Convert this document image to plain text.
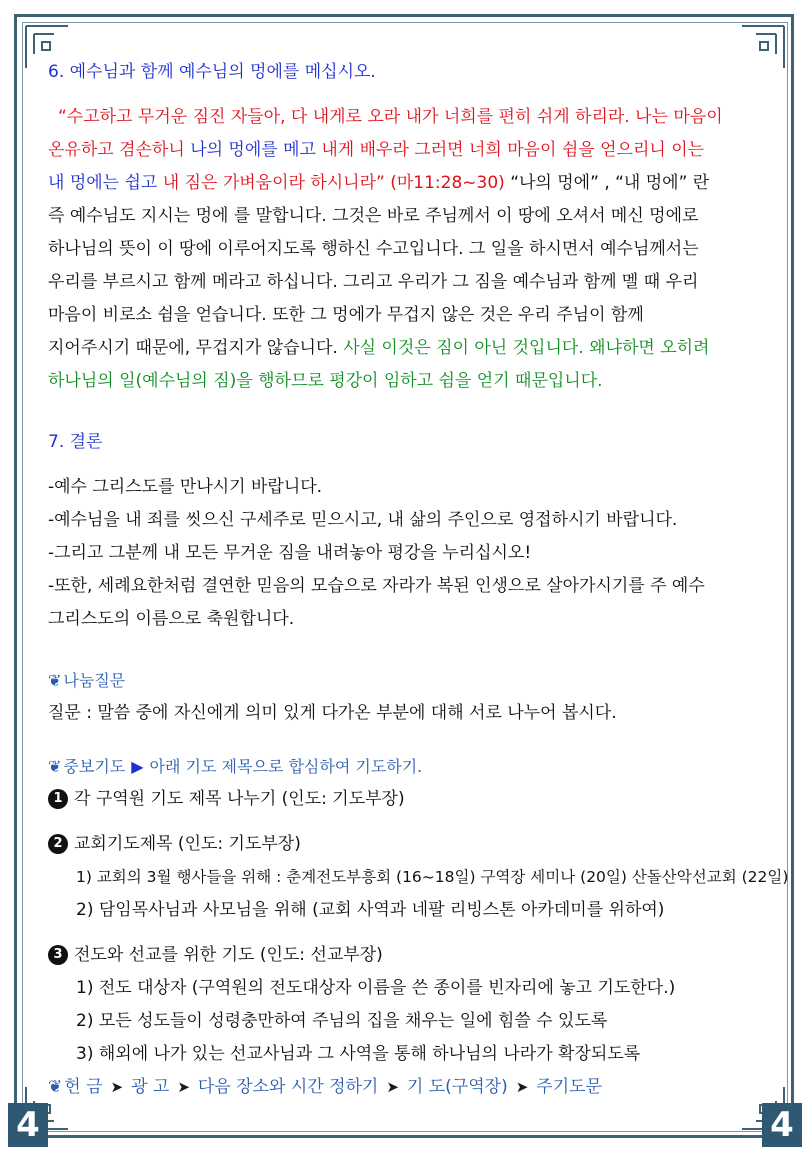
4	4

6. 예수님과 함께 예수님의 멍에를 메십시오.

“수고하고 무거운 짐진 자들아, 다 내게로 오라 내가 너희를 편히 쉬게 하리라. 나는 마음이

온유하고 겸손하니 나의 멍에를 메고 내게 배우라 그러면 너희 마음이 쉼을 얻으리니 이는

내 멍에는 쉽고 내 짐은 가벼움이라 하시니라” (마11:28~30) “나의 멍에” , “내 멍에” 란

즉 예수님도 지시는 멍에 를 말합니다. 그것은 바로 주님께서 이 땅에 오셔서 메신 멍에로

하나님의 뜻이 이 땅에 이루어지도록 행하신 수고입니다. 그 일을 하시면서 예수님께서는

우리를 부르시고 함께 메라고 하십니다. 그리고 우리가 그 짐을 예수님과 함께 멜 때 우리

마음이 비로소 쉼을 얻습니다. 또한 그 멍에가 무겁지 않은 것은 우리 주님이 함께

지어주시기 때문에, 무겁지가 않습니다. 사실 이것은 짐이 아닌 것입니다. 왜냐하면 오히려

하나님의 일(예수님의 짐)을 행하므로 평강이 임하고 쉼을 얻기 때문입니다.

7. 결론

-예수 그리스도를 만나시기 바랍니다.

-예수님을 내 죄를 씻으신 구세주로 믿으시고, 내 삶의 주인으로 영접하시기 바랍니다.

-그리고 그분께 내 모든 무거운 짐을 내려놓아 평강을 누리십시오!

-또한, 세례요한처럼 결연한 믿음의 모습으로 자라가 복된 인생으로 살아가시기를 주 예수

그리스도의 이름으로 축원합니다.

❦ 나눔질문

질문 : 말씀 중에 자신에게 의미 있게 다가온 부분에 대해 서로 나누어 봅시다.

❦ 중보기도 ▶ 아래 기도 제목으로 합심하여 기도하기.

1 각 구역원 기도 제목 나누기 (인도: 기도부장)

2 교회기도제목 (인도: 기도부장)

1) 교회의 3월 행사들을 위해 : 춘계전도부흥회 (16~18일) 구역장 세미나 (20일) 산돌산악선교회 (22일)

2) 담임목사님과 사모님을 위해 (교회 사역과 네팔 리빙스톤 아카데미를 위하여)

3 전도와 선교를 위한 기도 (인도: 선교부장)

1) 전도 대상자 (구역원의 전도대상자 이름을 쓴 종이를 빈자리에 놓고 기도한다.)

2) 모든 성도들이 성령충만하여 주님의 집을 채우는 일에 힘쓸 수 있도록

3) 해외에 나가 있는 선교사님과 그 사역을 통해 하나님의 나라가 확장되도록

❦ 헌 금 ➤ 광 고 ➤ 다음 장소와 시간 정하기 ➤ 기 도(구역장) ➤ 주기도문
